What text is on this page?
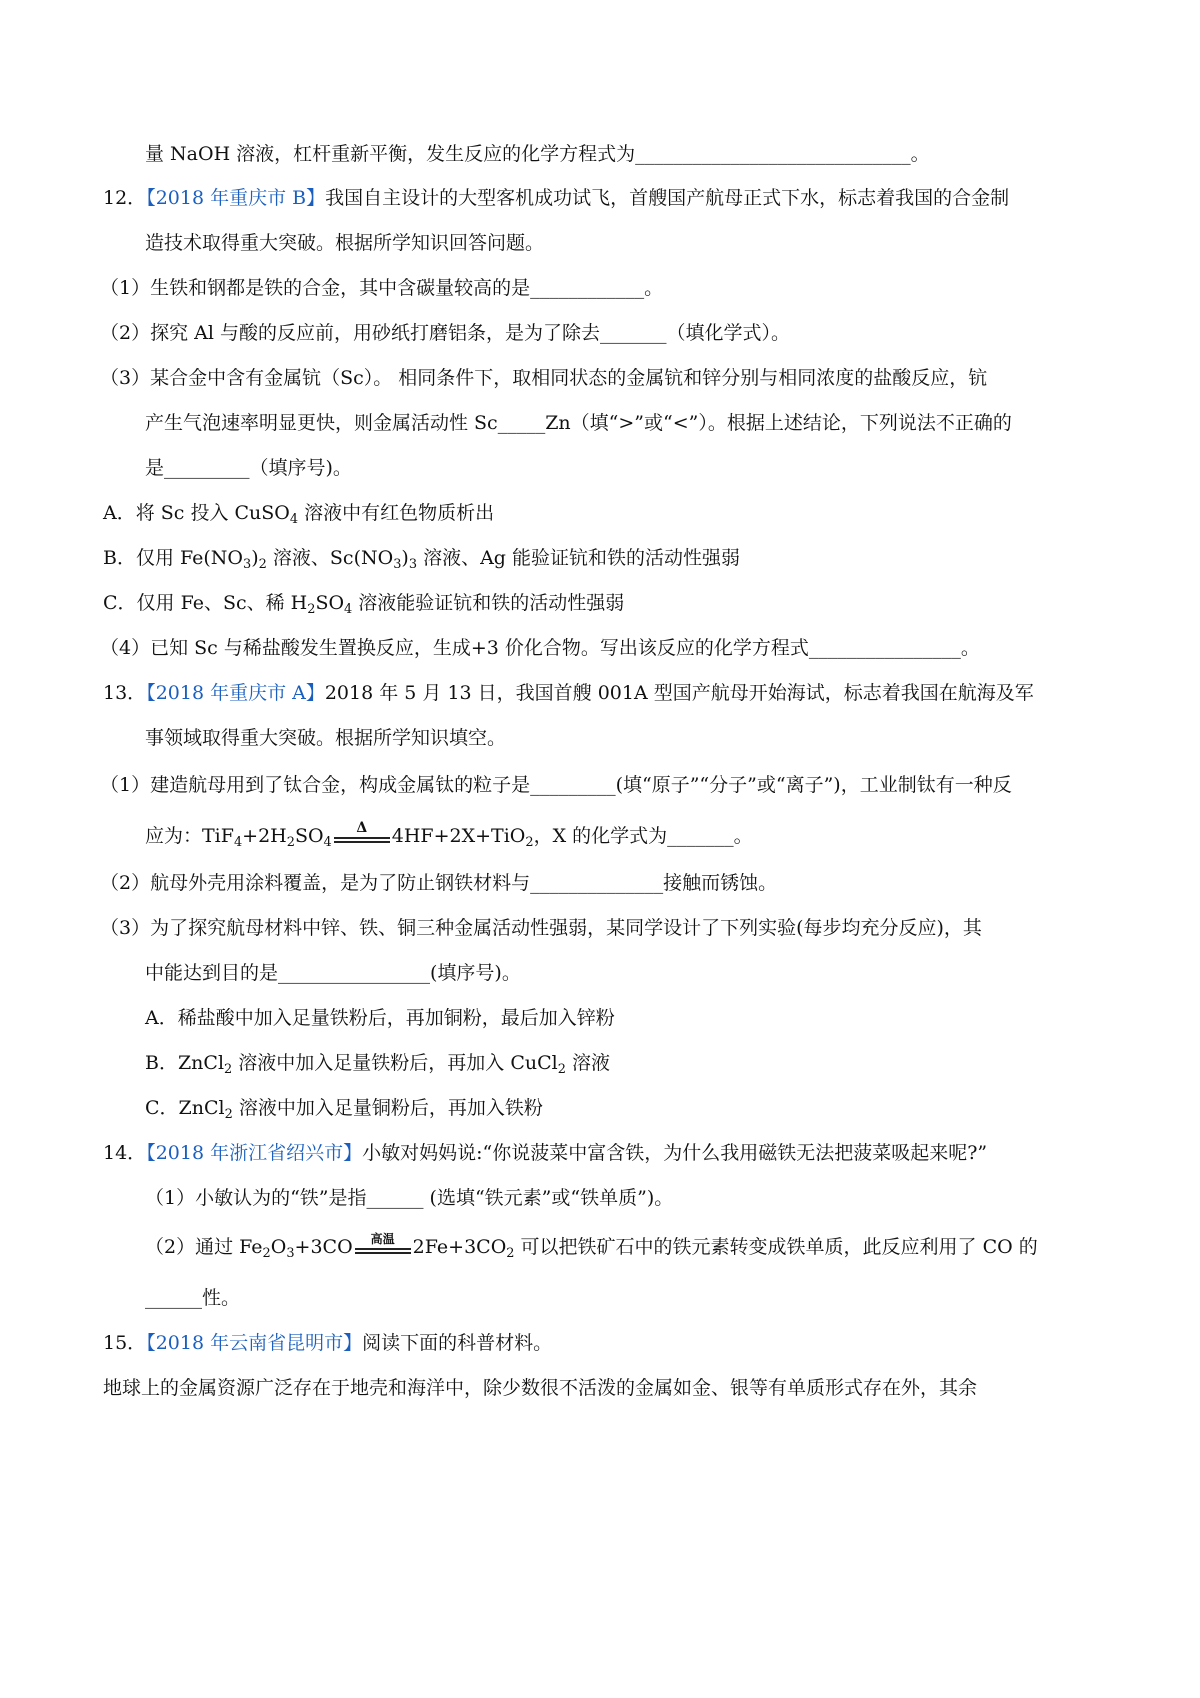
量 NaOH 溶液，杠杆重新平衡，发生反应的化学方程式为_____________________________。
12．【2018 年重庆市 B】我国自主设计的大型客机成功试飞，首艘国产航母正式下水，标志着我国的合金制
造技术取得重大突破。根据所学知识回答问题。
（1）生铁和钢都是铁的合金，其中含碳量较高的是____________。
（2）探究 Al 与酸的反应前，用砂纸打磨铝条，是为了除去_______（填化学式）。
（3）某合金中含有金属钪（Sc）。 相同条件下，取相同状态的金属钪和锌分别与相同浓度的盐酸反应，钪
产生气泡速率明显更快，则金属活动性 Sc_____Zn（填“>”或“<”）。根据上述结论，下列说法不正确的
是_________（填序号)。
A．将 Sc 投入 CuSO$_4$ 溶液中有红色物质析出
B．仅用 $Fe(NO_3)_2$ 溶液、$Sc(NO_3)_3$ 溶液、Ag 能验证钪和铁的活动性强弱
C．仅用 Fe、Sc、稀 $H_2SO_4$ 溶液能验证钪和铁的活动性强弱
（4）已知 Sc 与稀盐酸发生置换反应，生成+3 价化合物。写出该反应的化学方程式________________。
13．【2018 年重庆市 A】2018 年 5 月 13 日，我国首艘 001A 型国产航母开始海试，标志着我国在航海及军
事领域取得重大突破。根据所学知识填空。
（1）建造航母用到了钛合金，构成金属钛的粒子是_________(填“原子”“分子”或“离子”)，工业制钛有一种反
应为：$TiF_4+2H_2SO_4$
Δ	4HF+2X+TiO$_2$，X 的化学式为_______。
（2）航母外壳用涂料覆盖，是为了防止钢铁材料与______________接触而锈蚀。
（3）为了探究航母材料中锌、铁、铜三种金属活动性强弱，某同学设计了下列实验(每步均充分反应)，其
中能达到目的是________________(填序号)。
A．稀盐酸中加入足量铁粉后，再加铜粉，最后加入锌粉
B．ZnCl$_2$ 溶液中加入足量铁粉后，再加入 CuCl$_2$ 溶液
C．ZnCl$_2$ 溶液中加入足量铜粉后，再加入铁粉
14．【2018 年浙江省绍兴市】小敏对妈妈说:“你说菠菜中富含铁，为什么我用磁铁无法把菠菜吸起来呢?”
（1）小敏认为的“铁”是指______ (选填“铁元素”或“铁单质”)。
（2）通过 $Fe_2O_3+3CO$	高温 $2Fe+3CO_2$ 可以把铁矿石中的铁元素转变成铁单质，此反应利用了 CO 的
______性。
15．【2018 年云南省昆明市】阅读下面的科普材料。
地球上的金属资源广泛存在于地壳和海洋中，除少数很不活泼的金属如金、银等有单质形式存在外，其余
